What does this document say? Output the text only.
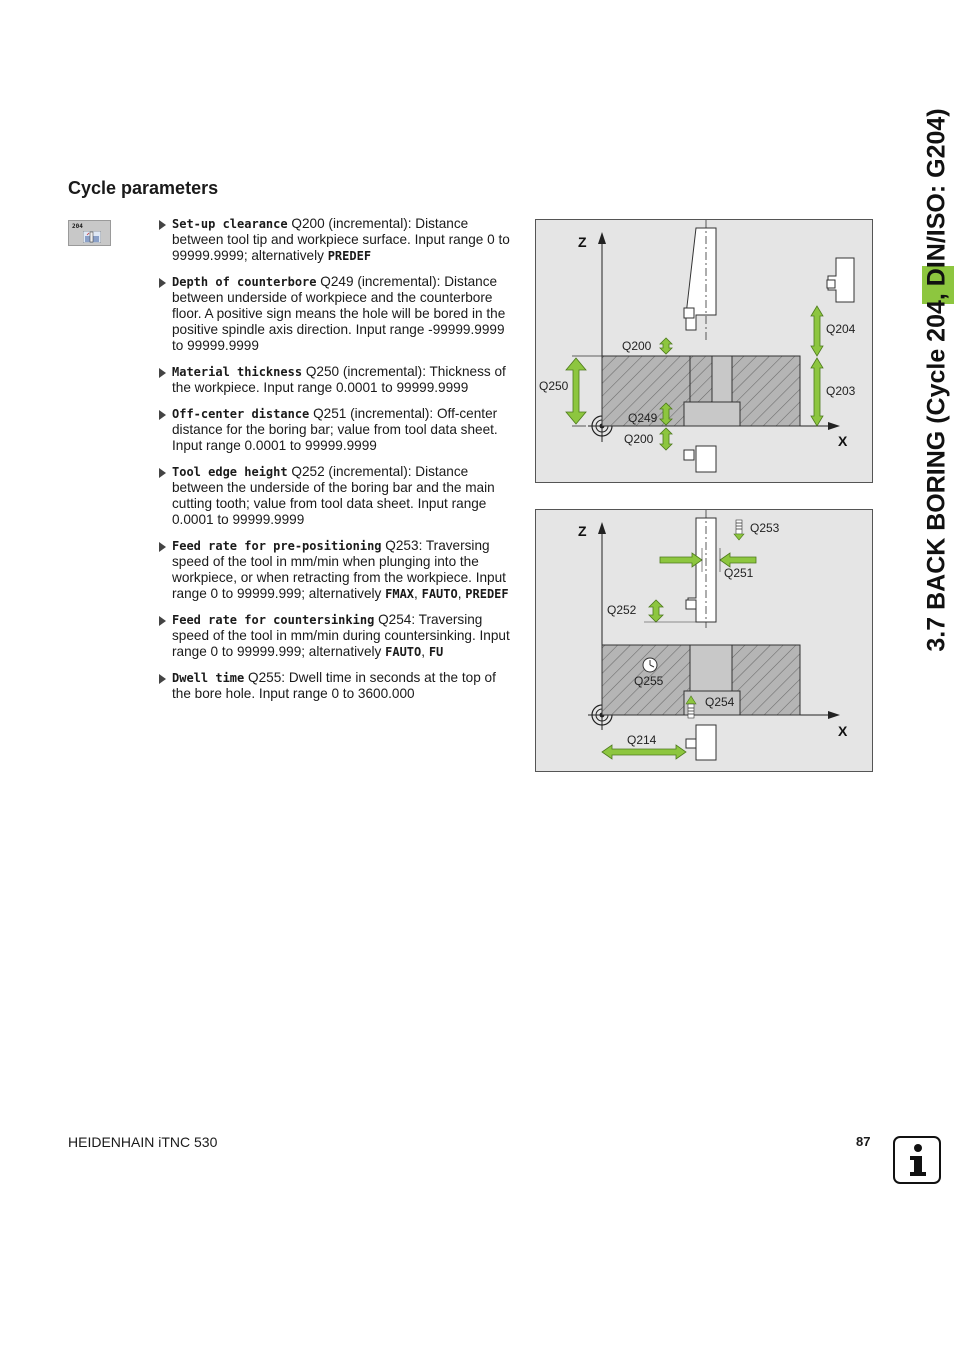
Cycle parameters
204	Set-up clearance Q200 (incremental): Distance between tool tip and workpiece surface. Input range 0 to 99999.9999; alternatively PREDEF
Depth of counterbore Q249 (incremental): Distance between underside of workpiece and the counterbore floor. A positive sign means the hole will be bored in the positive spindle axis direction. Input range -99999.9999 to 99999.9999
Material thickness Q250 (incremental): Thickness of the workpiece. Input range 0.0001 to 99999.9999
Off-center distance Q251 (incremental): Off-center distance for the boring bar; value from tool data sheet. Input range 0.0001 to 99999.9999
Tool edge height Q252 (incremental): Distance between the underside of the boring bar and the main cutting tooth; value from tool data sheet. Input range 0.0001 to 99999.9999
Feed rate for pre-positioning Q253: Traversing speed of the tool in mm/min when plunging into the workpiece, or when retracting from the workpiece. Input range 0 to 99999.999; alternatively FMAX, FAUTO, PREDEF
Feed rate for countersinking Q254: Traversing speed of the tool in mm/min during countersinking. Input range 0 to 99999.999; alternatively FAUTO, FU
Dwell time Q255: Dwell time in seconds at the top of the bore hole. Input range 0 to 3600.000
Z
X
Q200
Q250
Q249
Q200
Q204
Q203
Z
X
Q253
Q251
Q252
Q255
Q254
Q214
3.7 BACK BORING (Cycle 204, DIN/ISO: G204)
HEIDENHAIN iTNC 530	87
